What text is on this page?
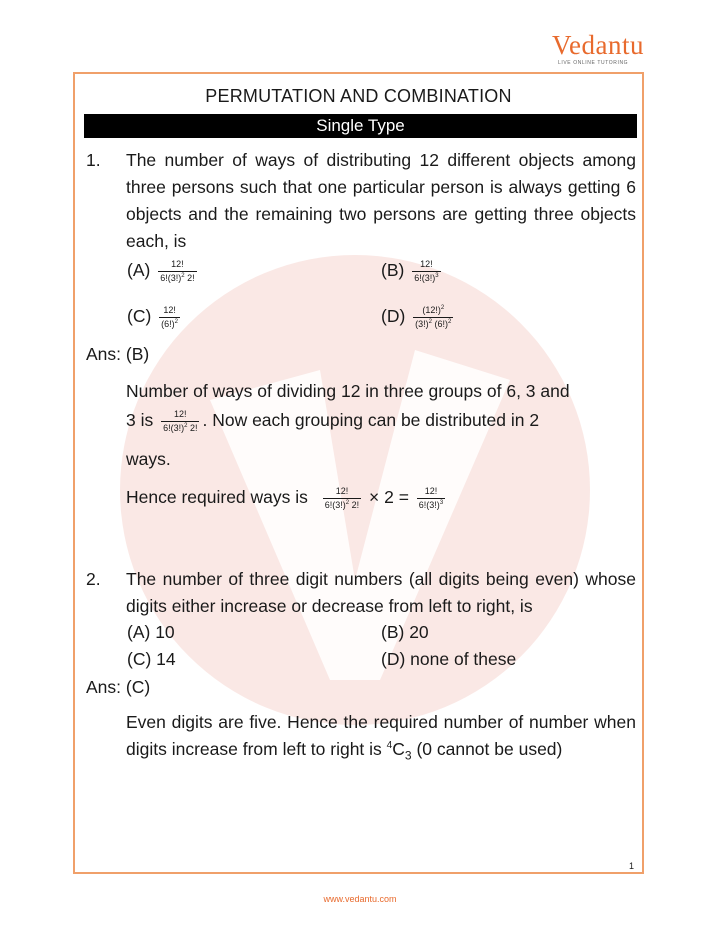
Vedantu
LIVE ONLINE TUTORING
PERMUTATION AND COMBINATION
Single Type
1. The number of ways of distributing 12 different objects among three persons such that one particular person is always getting 6 objects and the remaining two persons are getting three objects each, is
$(A) \frac{12!}{6!(3!)^2 2!}$	$(B) \frac{12!}{6!(3!)^3}$
$(C) \frac{12!}{(6!)^2}$	$(D) \frac{(12!)^2}{(3!)^2 (6!)^2}$
Ans: (B)
Number of ways of dividing 12 in three groups of 6, 3 and
3 is $\frac{12!}{6!(3!)^2 2!}$ . Now each grouping can be distributed in 2
ways.
Hence required ways is $\frac{12!}{6!(3!)^2 2!} \times 2 = \frac{12!}{6!(3!)^3}$
2. The number of three digit numbers (all digits being even) whose digits either increase or decrease from left to right, is
(A) 10	(B) 20
(C) 14	(D) none of these
Ans: (C)
Even digits are five. Hence the required number of number when digits increase from left to right is $^4C_3$ (0 cannot be used)
1
www.vedantu.com
